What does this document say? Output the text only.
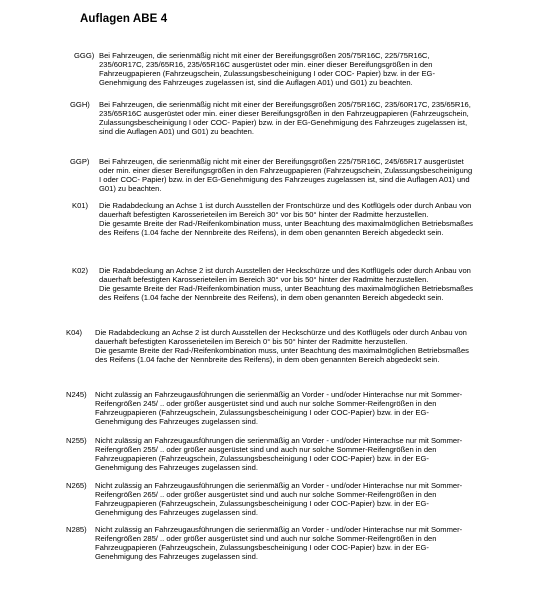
Auflagen ABE 4
GGG) Bei Fahrzeugen, die serienmäßig nicht mit einer der Bereifungsgrößen 205/75R16C, 225/75R16C, 235/60R17C, 235/65R16, 235/65R16C ausgerüstet oder min. einer dieser Bereifungsgrößen in den Fahrzeugpapieren (Fahrzeugschein, Zulassungsbescheinigung I oder COC- Papier) bzw. in der EG-Genehmigung des Fahrzeuges zugelassen ist, sind die Auflagen A01) und G01) zu beachten.

GGH) Bei Fahrzeugen, die serienmäßig nicht mit einer der Bereifungsgrößen 205/75R16C, 235/60R17C, 235/65R16, 235/65R16C ausgerüstet oder min. einer dieser Bereifungsgrößen in den Fahrzeugpapieren (Fahrzeugschein, Zulassungsbescheinigung I oder COC- Papier) bzw. in der EG-Genehmigung des Fahrzeuges zugelassen ist, sind die Auflagen A01) und G01) zu beachten.

GGP) Bei Fahrzeugen, die serienmäßig nicht mit einer der Bereifungsgrößen 225/75R16C, 245/65R17 ausgerüstet oder min. einer dieser Bereifungsgrößen in den Fahrzeugpapieren (Fahrzeugschein, Zulassungsbescheinigung I oder COC- Papier) bzw. in der EG-Genehmigung des Fahrzeuges zugelassen ist, sind die Auflagen A01) und G01) zu beachten.

K01) Die Radabdeckung an Achse 1 ist durch Ausstellen der Frontschürze und des Kotflügels oder durch Anbau von dauerhaft befestigten Karosserieteilen im Bereich 30° vor bis 50° hinter der Radmitte herzustellen.

Die gesamte Breite der Rad-/Reifenkombination muss, unter Beachtung des maximalmöglichen Betriebsmaßes des Reifens (1.04 fache der Nennbreite des Reifens), in dem oben genannten Bereich abgedeckt sein.

K02) Die Radabdeckung an Achse 2 ist durch Ausstellen der Heckschürze und des Kotflügels oder durch Anbau von dauerhaft befestigten Karosserieteilen im Bereich 30° vor bis 50° hinter der Radmitte herzustellen.

Die gesamte Breite der Rad-/Reifenkombination muss, unter Beachtung des maximalmöglichen Betriebsmaßes des Reifens (1.04 fache der Nennbreite des Reifens), in dem oben genannten Bereich abgedeckt sein.

K04) Die Radabdeckung an Achse 2 ist durch Ausstellen der Heckschürze und des Kotflügels oder durch Anbau von dauerhaft befestigten Karosserieteilen im Bereich 0° bis 50° hinter der Radmitte herzustellen.

Die gesamte Breite der Rad-/Reifenkombination muss, unter Beachtung des maximalmöglichen Betriebsmaßes des Reifens (1.04 fache der Nennbreite des Reifens), in dem oben genannten Bereich abgedeckt sein.

N245) Nicht zulässig an Fahrzeugausführungen die serienmäßig an Vorder - und/oder Hinterachse nur mit Sommer-Reifengrößen 245/ .. oder größer ausgerüstet sind und auch nur solche Sommer-Reifengrößen in den Fahrzeugpapieren (Fahrzeugschein, Zulassungsbescheinigung I oder COC-Papier) bzw. in der EG-Genehmigung des Fahrzeuges zugelassen sind.

N255) Nicht zulässig an Fahrzeugausführungen die serienmäßig an Vorder - und/oder Hinterachse nur mit Sommer-Reifengrößen 255/ .. oder größer ausgerüstet sind und auch nur solche Sommer-Reifengrößen in den Fahrzeugpapieren (Fahrzeugschein, Zulassungsbescheinigung I oder COC-Papier) bzw. in der EG-Genehmigung des Fahrzeuges zugelassen sind.

N265) Nicht zulässig an Fahrzeugausführungen die serienmäßig an Vorder - und/oder Hinterachse nur mit Sommer-Reifengrößen 265/ .. oder größer ausgerüstet sind und auch nur solche Sommer-Reifengrößen in den Fahrzeugpapieren (Fahrzeugschein, Zulassungsbescheinigung I oder COC-Papier) bzw. in der EG-Genehmigung des Fahrzeuges zugelassen sind.

N285) Nicht zulässig an Fahrzeugausführungen die serienmäßig an Vorder - und/oder Hinterachse nur mit Sommer-Reifengrößen 285/ .. oder größer ausgerüstet sind und auch nur solche Sommer-Reifengrößen in den Fahrzeugpapieren (Fahrzeugschein, Zulassungsbescheinigung I oder COC-Papier) bzw. in der EG-Genehmigung des Fahrzeuges zugelassen sind.
